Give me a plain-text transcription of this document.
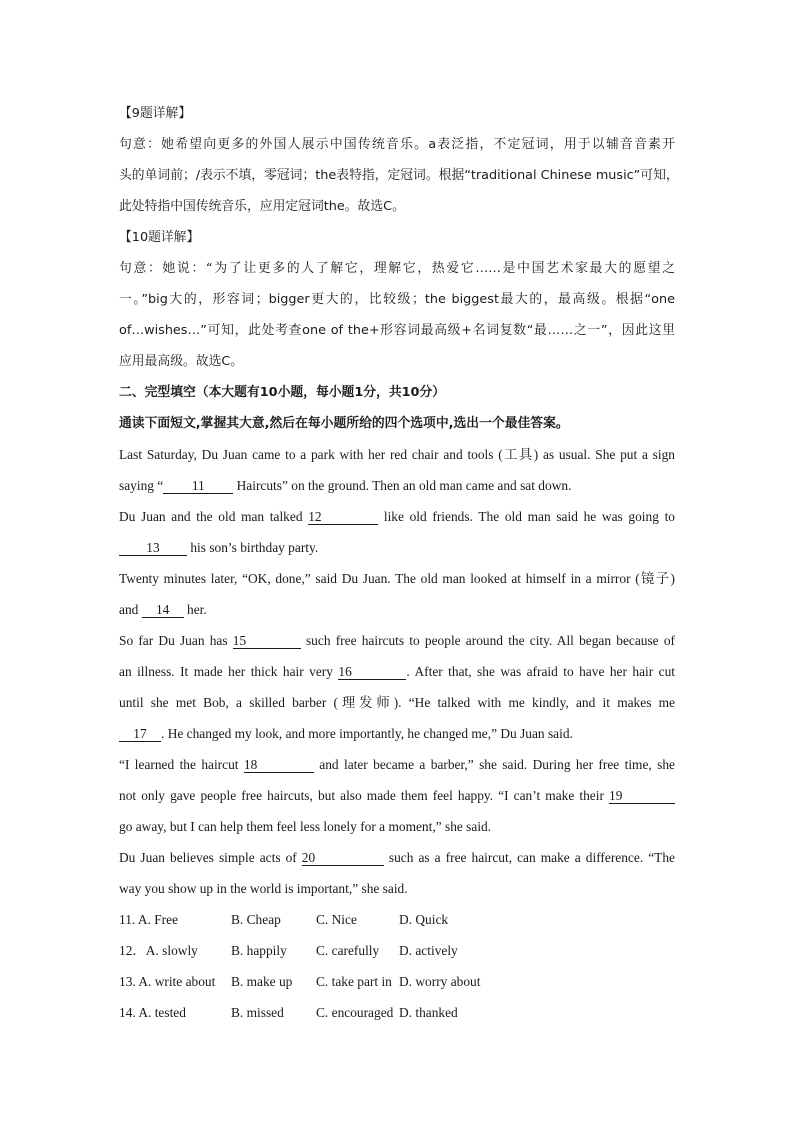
【9题详解】
句意：她希望向更多的外国人展示中国传统音乐。a表泛指，不定冠词，用于以辅音音素开
头的单词前；/表示不填，零冠词；the表特指，定冠词。根据“traditional Chinese music”可知，
此处特指中国传统音乐，应用定冠词the。故选C。
【10题详解】
句意：她说：“为了让更多的人了解它，理解它，热爱它……是中国艺术家最大的愿望之
一。”big大的，形容词；bigger更大的，比较级；the biggest最大的，最高级。根据“one
of…wishes…”可知，此处考查one of the+形容词最高级+名词复数“最……之一”，因此这里
应用最高级。故选C。
二、完型填空（本大题有10小题，每小题1分，共10分）
通读下面短文,掌握其大意,然后在每小题所给的四个选项中,选出一个最佳答案。
Last Saturday, Du Juan came to a park with her red chair and tools (工具) as usual. She put a sign
saying “ 11 Haircuts” on the ground. Then an old man came and sat down.
Du Juan and the old man talked 12	like old friends. The old man said he was going to
13 his son’s birthday party.
Twenty minutes later, “OK, done,” said Du Juan. The old man looked at himself in a mirror (镜子)
and 14 her.
So far Du Juan has 15	such free haircuts to people around the city. All began because of
an illness. It made her thick hair very 16	. After that, she was afraid to have her hair cut
until she met Bob, a skilled barber (理发师). “He talked with me kindly, and it makes me
17 . He changed my look, and more importantly, he changed me,” Du Juan said.
“I learned the haircut 18	and later became a barber,” she said. During her free time, she
not only gave people free haircuts, but also made them feel happy. “I can’t make their 19
go away, but I can help them feel less lonely for a moment,” she said.
Du Juan believes simple acts of 20	such as a free haircut, can make a difference. “The
way you show up in the world is important,” she said.
11. A. Free	B. Cheap	C. Nice	D. Quick
12．A. slowly	B. happily	C. carefully	D. actively
13. A. write about	B. make up	C. take part in D. worry about
14. A. tested	B. missed	C. encouraged D. thanked
